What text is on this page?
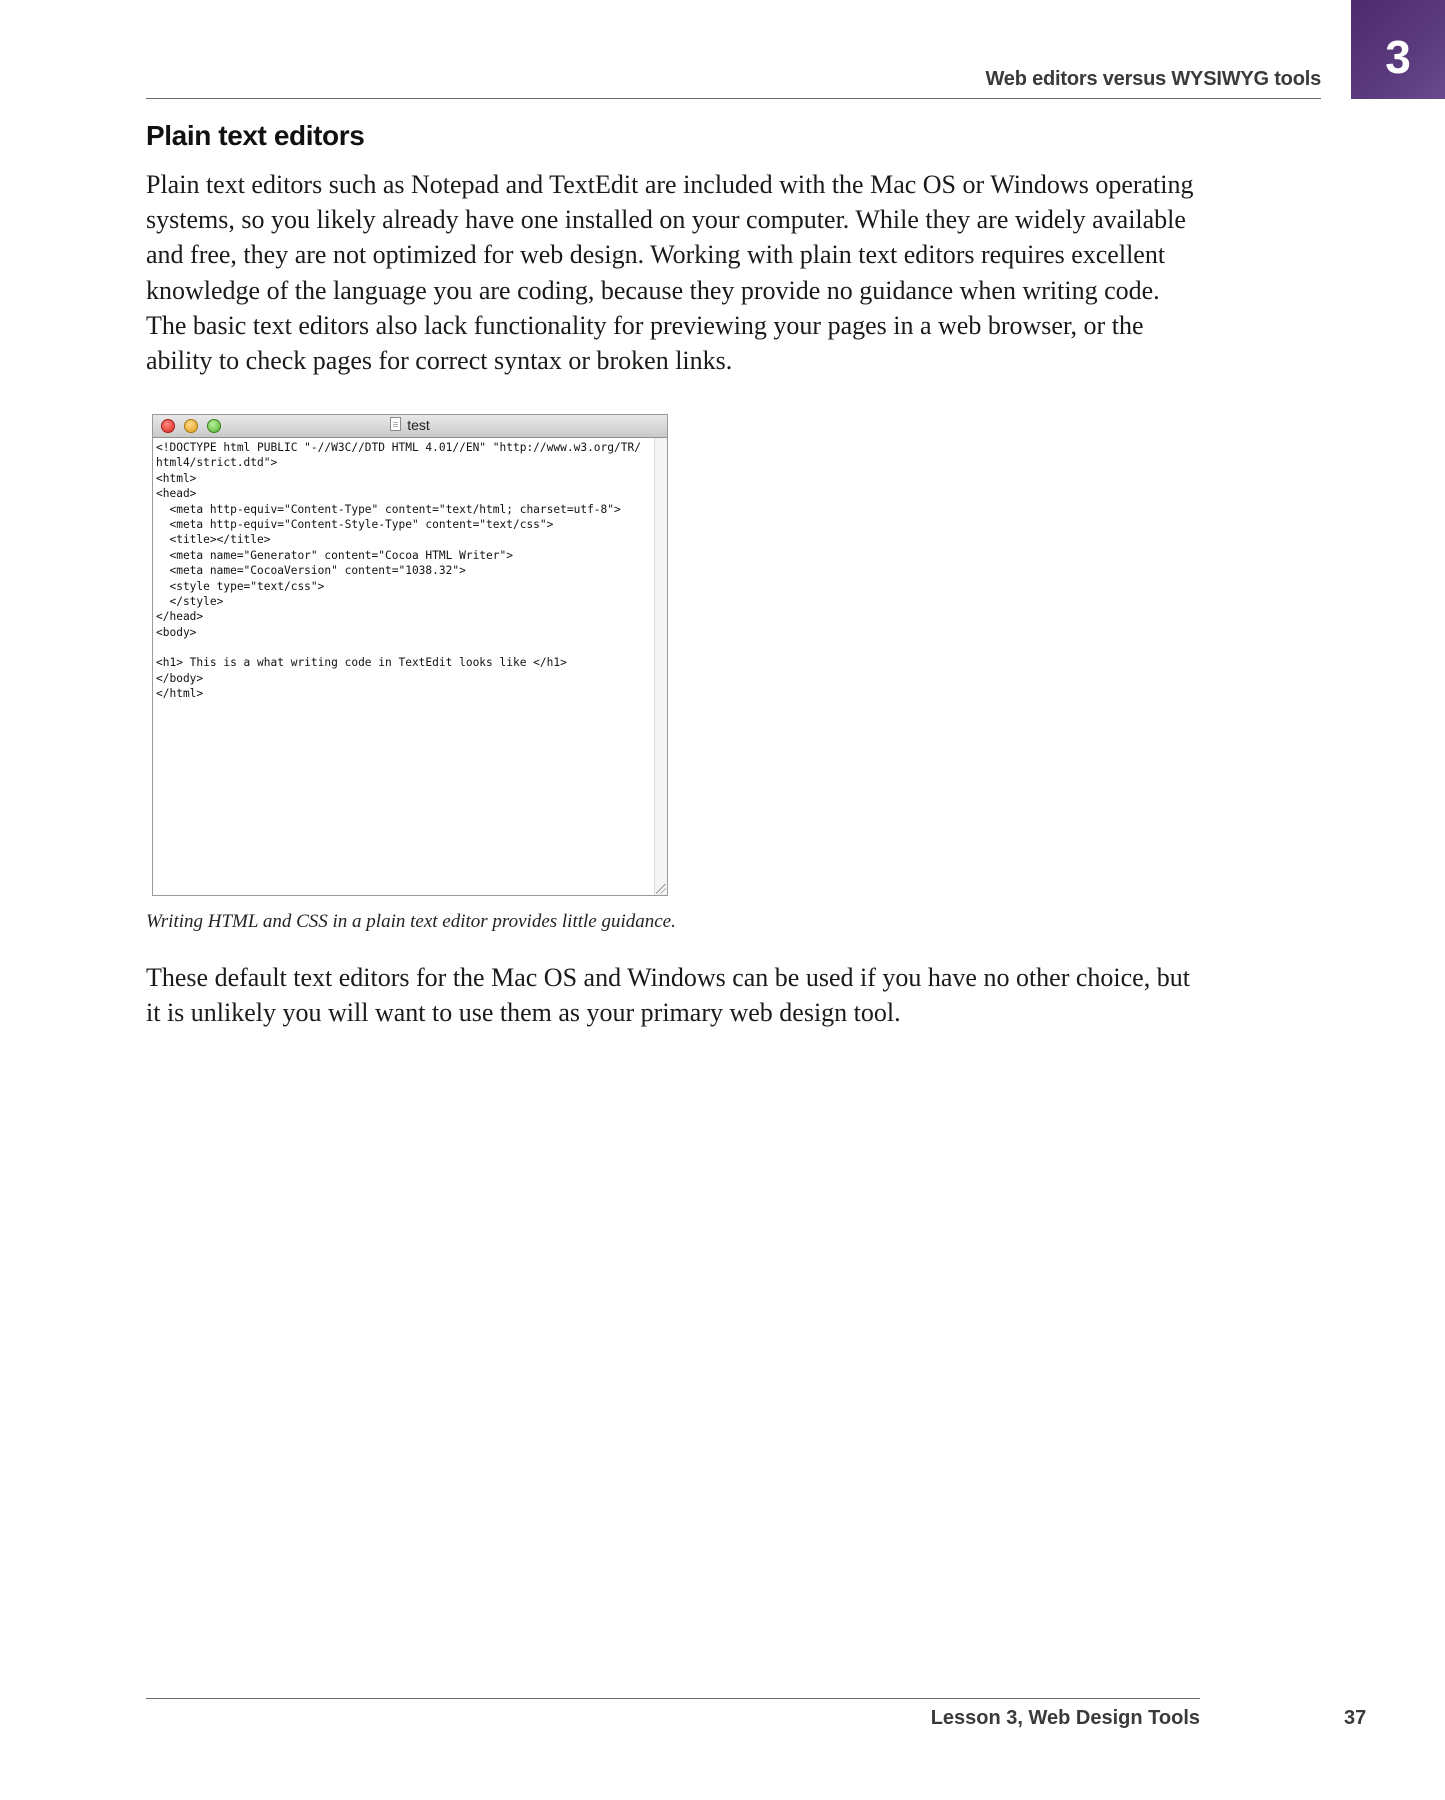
Web editors versus WYSIWYG tools	3
Plain text editors

Plain text editors such as Notepad and TextEdit are included with the Mac OS or Windows operating systems, so you likely already have one installed on your computer. While they are widely available and free, they are not optimized for web design. Working with plain text editors requires excellent knowledge of the language you are coding, because they provide no guidance when writing code. The basic text editors also lack functionality for previewing your pages in a web browser, or the ability to check pages for correct syntax or broken links.

test
<!DOCTYPE html PUBLIC "-//W3C//DTD HTML 4.01//EN" "http://www.w3.org/TR/
html4/strict.dtd">
<html>
<head>
<meta http-equiv="Content-Type" content="text/html; charset=utf-8">
<meta http-equiv="Content-Style-Type" content="text/css">
<title></title>
<meta name="Generator" content="Cocoa HTML Writer">
<meta name="CocoaVersion" content="1038.32">
<style type="text/css">
</style>
</head>
<body>
<h1> This is a what writing code in TextEdit looks like </h1>
</body>
</html>

Writing HTML and CSS in a plain text editor provides little guidance.

These default text editors for the Mac OS and Windows can be used if you have no other choice, but it is unlikely you will want to use them as your primary web design tool.

Lesson 3, Web Design Tools	37
